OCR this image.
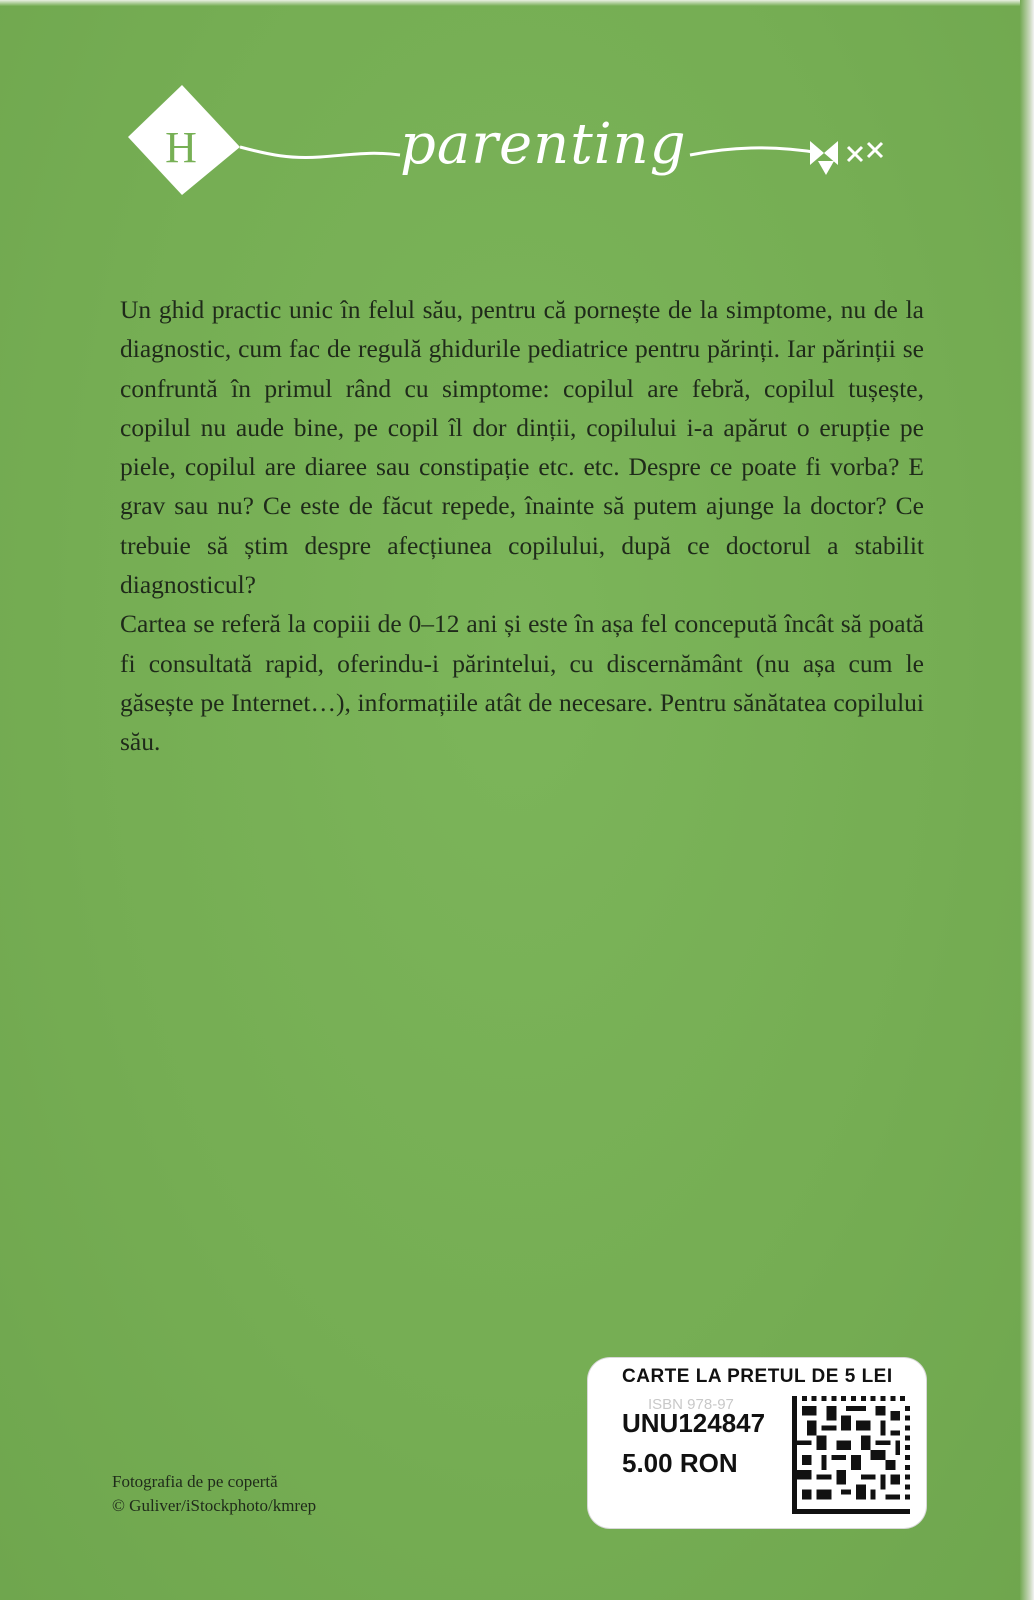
H	parenting

Un ghid practic unic în felul său, pentru că pornește de la simptome, nu de la diagnostic, cum fac de regulă ghidurile pediatrice pentru părinți. Iar părinții se confruntă în primul rând cu simptome: copilul are febră, copilul tușește, copilul nu aude bine, pe copil îl dor dinții, copilului i-a apărut o erupție pe piele, copilul are diaree sau constipație etc. etc. Despre ce poate fi vorba? E grav sau nu? Ce este de făcut repede, înainte să putem ajunge la doctor? Ce trebuie să știm despre afecțiunea copilului, după ce doctorul a stabilit diagnosticul?

Cartea se referă la copiii de 0–12 ani și este în așa fel concepută încât să poată fi consultată rapid, oferindu-i părintelui, cu discernământ (nu așa cum le găsește pe Internet…), informațiile atât de necesare. Pentru sănătatea copilului său.

Fotografia de pe copertă
© Guliver/iStockphoto/kmrep
ISBN 978-97
CARTE LA PRETUL DE 5 LEI
UNU124847
5.00 RON
